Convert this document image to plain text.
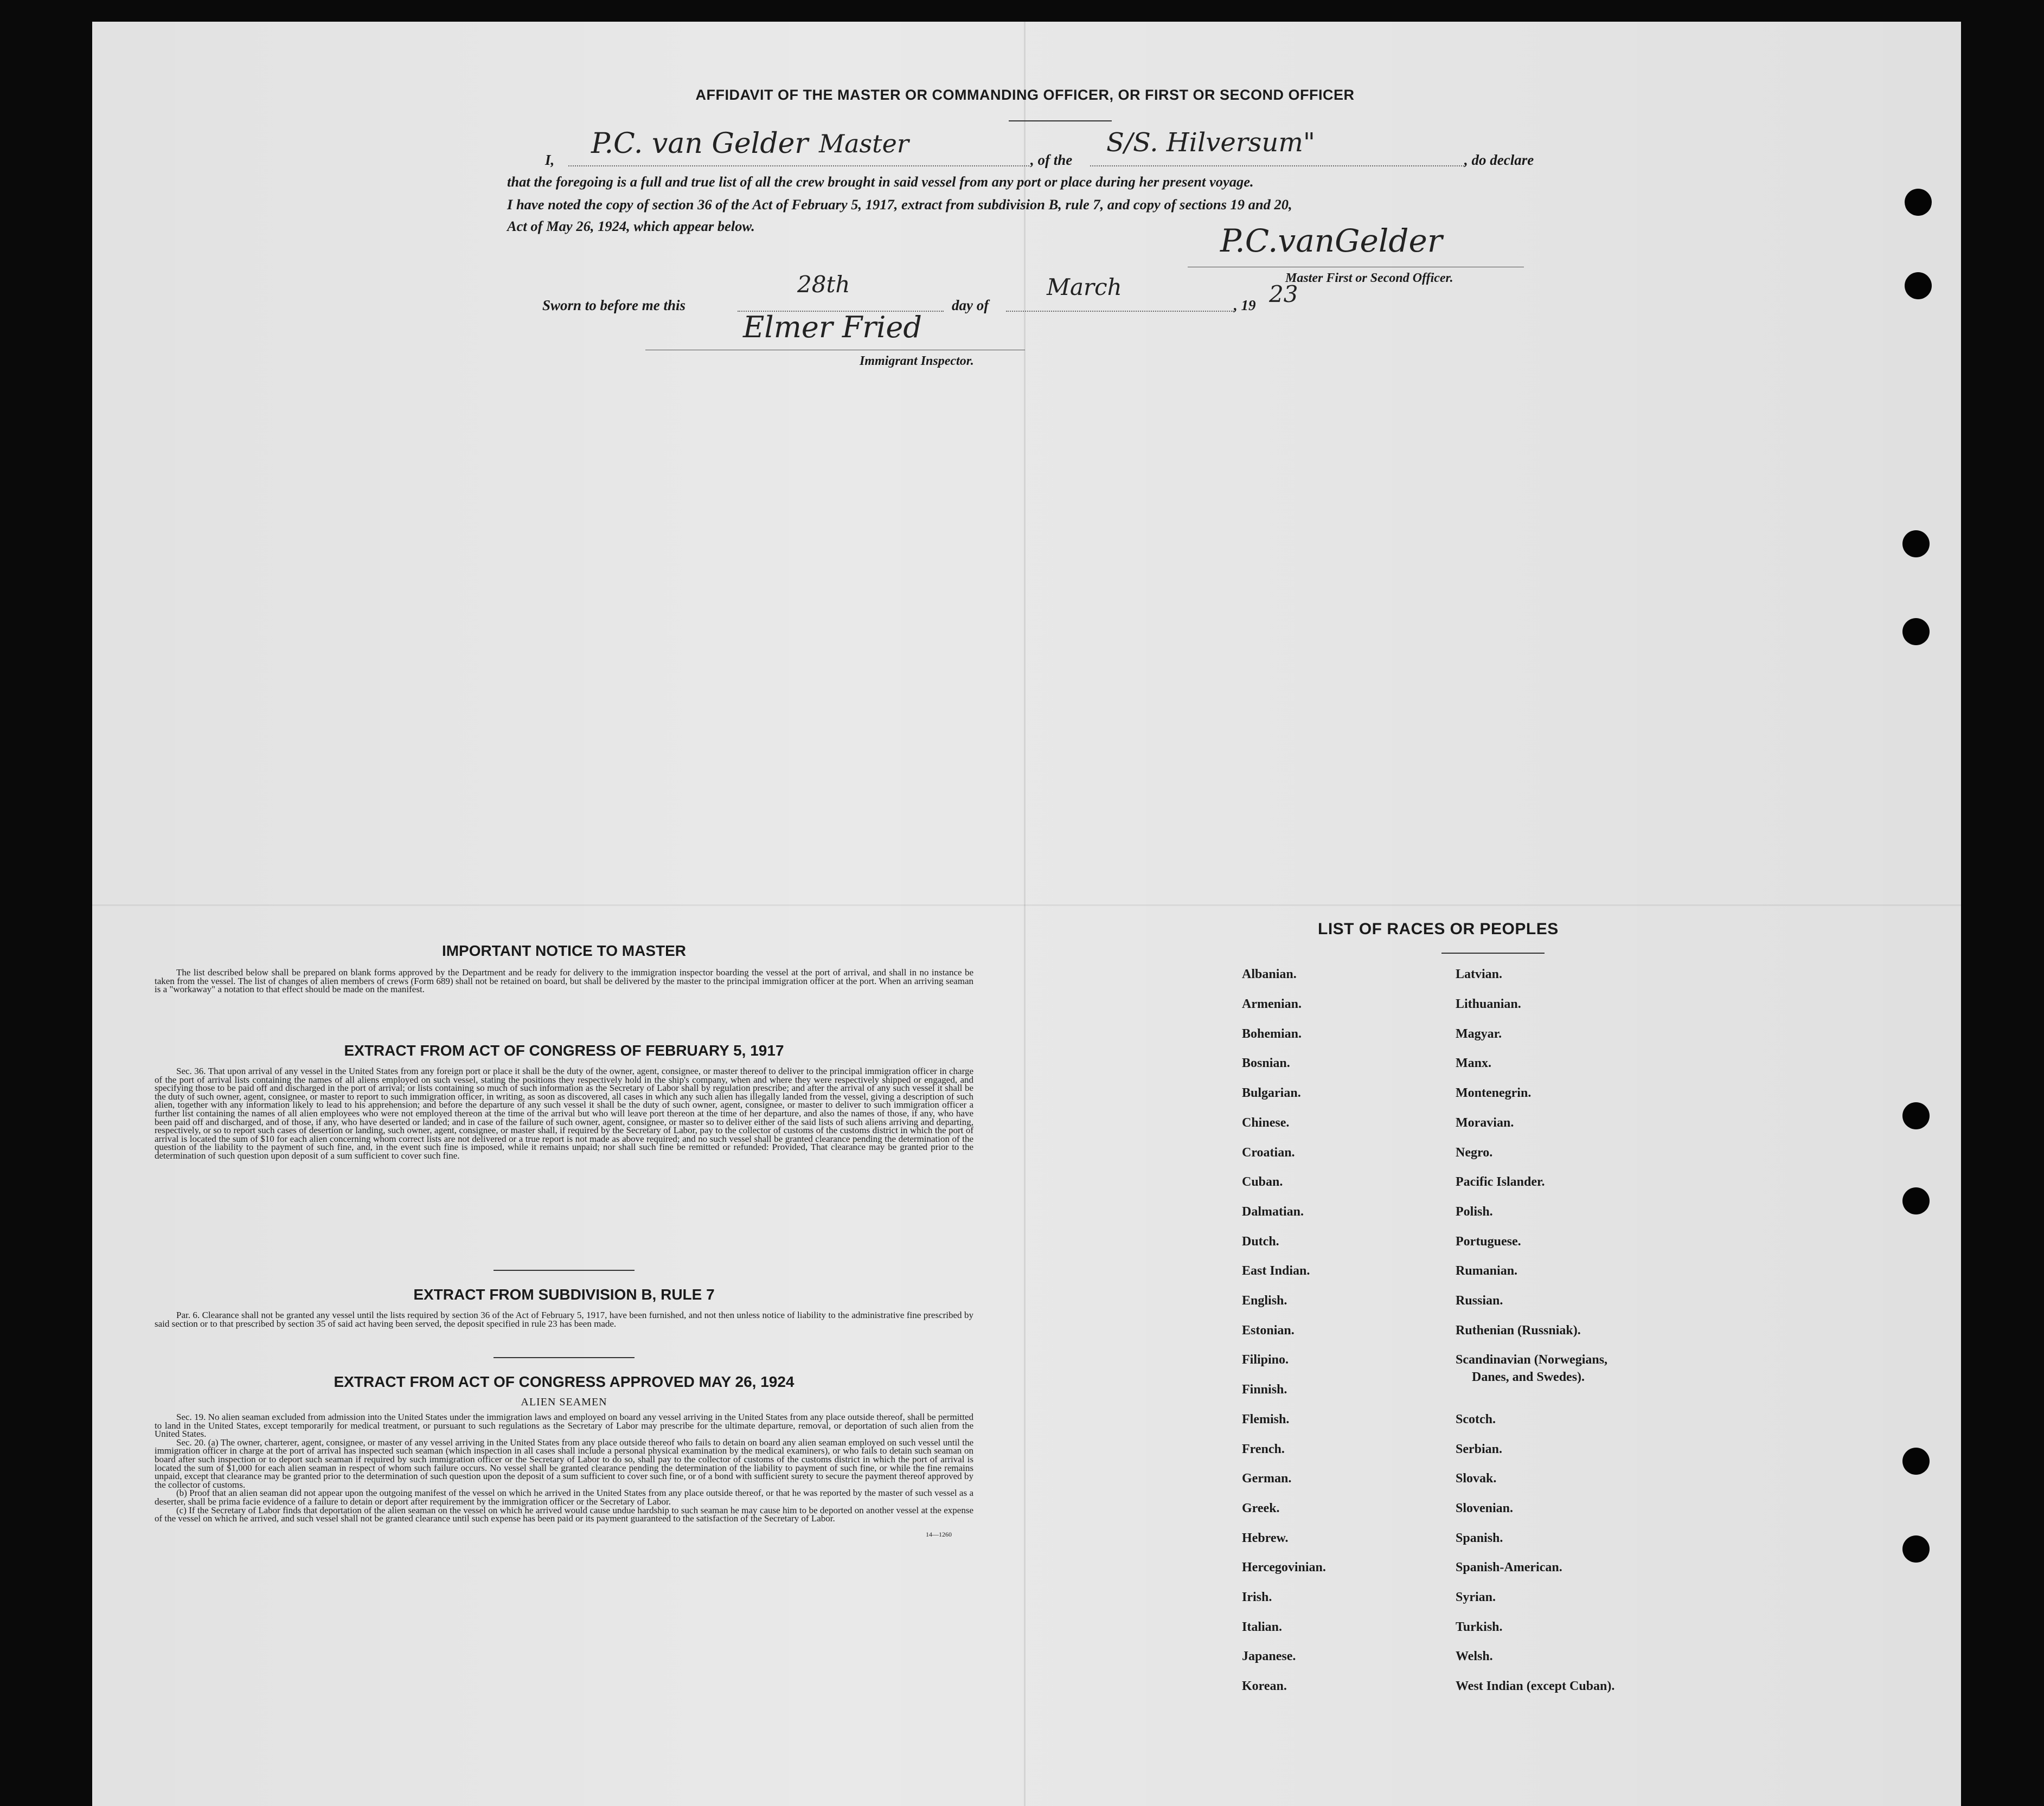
AFFIDAVIT OF THE MASTER OR COMMANDING OFFICER, OR FIRST OR SECOND OFFICER
I, P.C. van Gelder Master
, of the
S/S. Hilversum"
, do declare
that the foregoing is a full and true list of all the crew brought in said vessel from any port or place during her present voyage.
I have noted the copy of section 36 of the Act of February 5, 1917, extract from subdivision B, rule 7, and copy of sections 19 and 20,
Act of May 26, 1924, which appear below.	P.C.vanGelder
Master First or Second Officer.
Sworn to before me this
28th
day of
March
, 19 23
Elmer Fried
Immigrant Inspector.
IMPORTANT NOTICE TO MASTER
The list described below shall be prepared on blank forms approved by the Department and be ready for delivery to the immigration inspector boarding the vessel at the port of arrival, and shall in no instance be taken from the vessel. The list of changes of alien members of crews (Form 689) shall not be retained on board, but shall be delivered by the master to the principal immigration officer at the port. When an arriving seaman is a "workaway" a notation to that effect should be made on the manifest.
EXTRACT FROM ACT OF CONGRESS OF FEBRUARY 5, 1917
Sec. 36. That upon arrival of any vessel in the United States from any foreign port or place it shall be the duty of the owner, agent, consignee, or master thereof to deliver to the principal immigration officer in charge of the port of arrival lists containing the names of all aliens employed on such vessel, stating the positions they respectively hold in the ship's company, when and where they were respectively shipped or engaged, and specifying those to be paid off and discharged in the port of arrival; or lists containing so much of such information as the Secretary of Labor shall by regulation prescribe; and after the arrival of any such vessel it shall be the duty of such owner, agent, consignee, or master to report to such immigration officer, in writing, as soon as discovered, all cases in which any such alien has illegally landed from the vessel, giving a description of such alien, together with any information likely to lead to his apprehension; and before the departure of any such vessel it shall be the duty of such owner, agent, consignee, or master to deliver to such immigration officer a further list containing the names of all alien employees who were not employed thereon at the time of the arrival but who will leave port thereon at the time of her departure, and also the names of those, if any, who have been paid off and discharged, and of those, if any, who have deserted or landed; and in case of the failure of such owner, agent, consignee, or master so to deliver either of the said lists of such aliens arriving and departing, respectively, or so to report such cases of desertion or landing, such owner, agent, consignee, or master shall, if required by the Secretary of Labor, pay to the collector of customs of the customs district in which the port of arrival is located the sum of $10 for each alien concerning whom correct lists are not delivered or a true report is not made as above required; and no such vessel shall be granted clearance pending the determination of the question of the liability to the payment of such fine, and, in the event such fine is imposed, while it remains unpaid; nor shall such fine be remitted or refunded: Provided, That clearance may be granted prior to the determination of such question upon deposit of a sum sufficient to cover such fine.
EXTRACT FROM SUBDIVISION B, RULE 7
Par. 6. Clearance shall not be granted any vessel until the lists required by section 36 of the Act of February 5, 1917, have been furnished, and not then unless notice of liability to the administrative fine prescribed by said section or to that prescribed by section 35 of said act having been served, the deposit specified in rule 23 has been made.
EXTRACT FROM ACT OF CONGRESS APPROVED MAY 26, 1924
ALIEN SEAMEN
Sec. 19. No alien seaman excluded from admission into the United States under the immigration laws and employed on board any vessel arriving in the United States from any place outside thereof, shall be permitted to land in the United States, except temporarily for medical treatment, or pursuant to such regulations as the Secretary of Labor may prescribe for the ultimate departure, removal, or deportation of such alien from the United States.
Sec. 20. (a) The owner, charterer, agent, consignee, or master of any vessel arriving in the United States from any place outside thereof who fails to detain on board any alien seaman employed on such vessel until the immigration officer in charge at the port of arrival has inspected such seaman (which inspection in all cases shall include a personal physical examination by the medical examiners), or who fails to detain such seaman on board after such inspection or to deport such seaman if required by such immigration officer or the Secretary of Labor to do so, shall pay to the collector of customs of the customs district in which the port of arrival is located the sum of $1,000 for each alien seaman in respect of whom such failure occurs. No vessel shall be granted clearance pending the determination of the liability to payment of such fine, or while the fine remains unpaid, except that clearance may be granted prior to the determination of such question upon the deposit of a sum sufficient to cover such fine, or of a bond with sufficient surety to secure the payment thereof approved by the collector of customs.
(b) Proof that an alien seaman did not appear upon the outgoing manifest of the vessel on which he arrived in the United States from any place outside thereof, or that he was reported by the master of such vessel as a deserter, shall be prima facie evidence of a failure to detain or deport after requirement by the immigration officer or the Secretary of Labor.
(c) If the Secretary of Labor finds that deportation of the alien seaman on the vessel on which he arrived would cause undue hardship to such seaman he may cause him to be deported on another vessel at the expense of the vessel on which he arrived, and such vessel shall not be granted clearance until such expense has been paid or its payment guaranteed to the satisfaction of the Secretary of Labor.
14—1260
LIST OF RACES OR PEOPLES
Albanian.
Armenian.
Bohemian.
Bosnian.
Bulgarian.
Chinese.
Croatian.
Cuban.
Dalmatian.
Dutch.
East Indian.
English.
Estonian.
Filipino.
Finnish.
Flemish.
French.
German.
Greek.
Hebrew.
Hercegovinian.
Irish.
Italian.
Japanese.
Korean.
Latvian.
Lithuanian.
Magyar.
Manx.
Montenegrin.
Moravian.
Negro.
Pacific Islander.
Polish.
Portuguese.
Rumanian.
Russian.
Ruthenian (Russniak).
Scandinavian (Norwegians,
Danes, and Swedes).
Scotch.
Serbian.
Slovak.
Slovenian.
Spanish.
Spanish-American.
Syrian.
Turkish.
Welsh.
West Indian (except Cuban).
